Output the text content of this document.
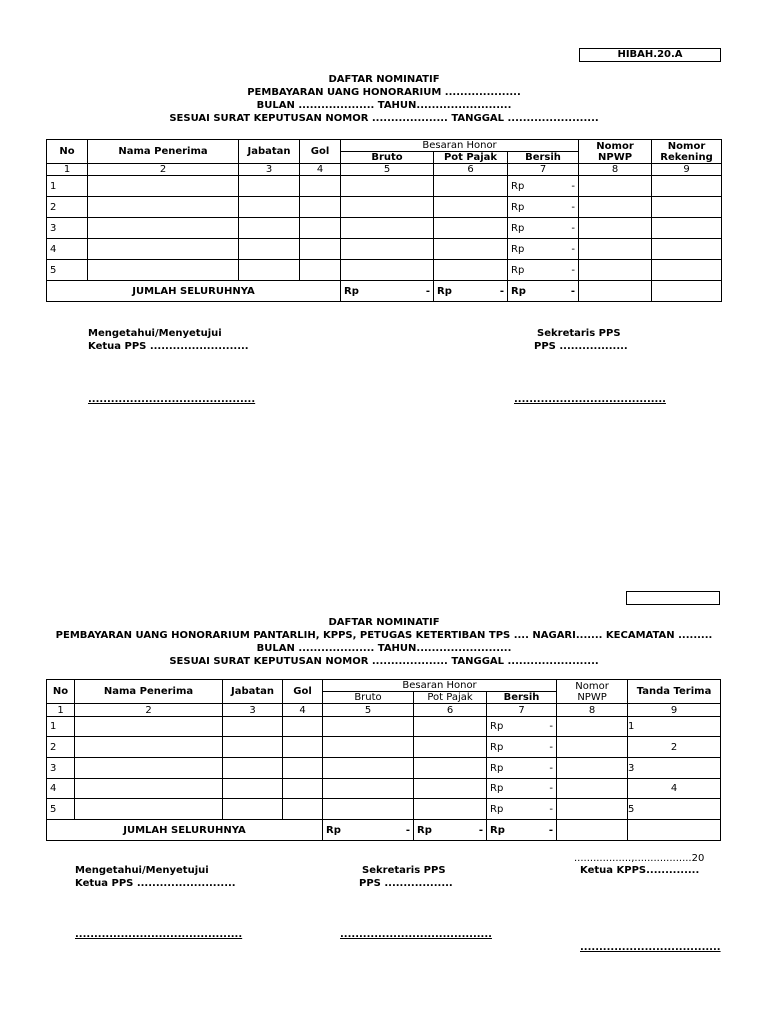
HIBAH.20.A
DAFTAR NOMINATIF
PEMBAYARAN UANG HONORARIUM ....................
BULAN .................... TAHUN.........................
SESUAI SURAT KEPUTUSAN NOMOR .................... TANGGAL ........................
No	Nama Penerima	Jabatan	Gol	Besaran Honor			Nomor NPWP	Nomor Rekening
				Bruto	Pot Pajak	Bersih		
1	2	3	4	5	6	7	8	9
1						Rp -		

2						Rp -		

3						Rp -		

4						Rp -		

5						Rp -		

JUMLAH SELURUHNYA				Rp -	Rp -	Rp -		

Mengetahui/Menyetujui
Ketua PPS ..........................
............................................
Sekretaris PPS
PPS ..................
........................................
DAFTAR NOMINATIF
PEMBAYARAN UANG HONORARIUM PANTARLIH, KPPS, PETUGAS KETERTIBAN TPS .... NAGARI....... KECAMATAN .........
BULAN .................... TAHUN.........................
SESUAI SURAT KEPUTUSAN NOMOR .................... TANGGAL ........................
No	Nama Penerima	Jabatan	Gol	Besaran Honor			Nomor NPWP	Tanda Terima
				Bruto	Pot Pajak	Bersih		
1	2	3	4	5	6	7	8	9
1						Rp -		1
2						Rp -		2
3						Rp -		3
4						Rp -		4
5						Rp -		5
JUMLAH SELURUHNYA				Rp -	Rp -	Rp -		

..................,..................20
Mengetahui/Menyetujui
Ketua PPS ..........................
............................................
Sekretaris PPS
PPS ..................
........................................
Ketua KPPS..............
.....................................
